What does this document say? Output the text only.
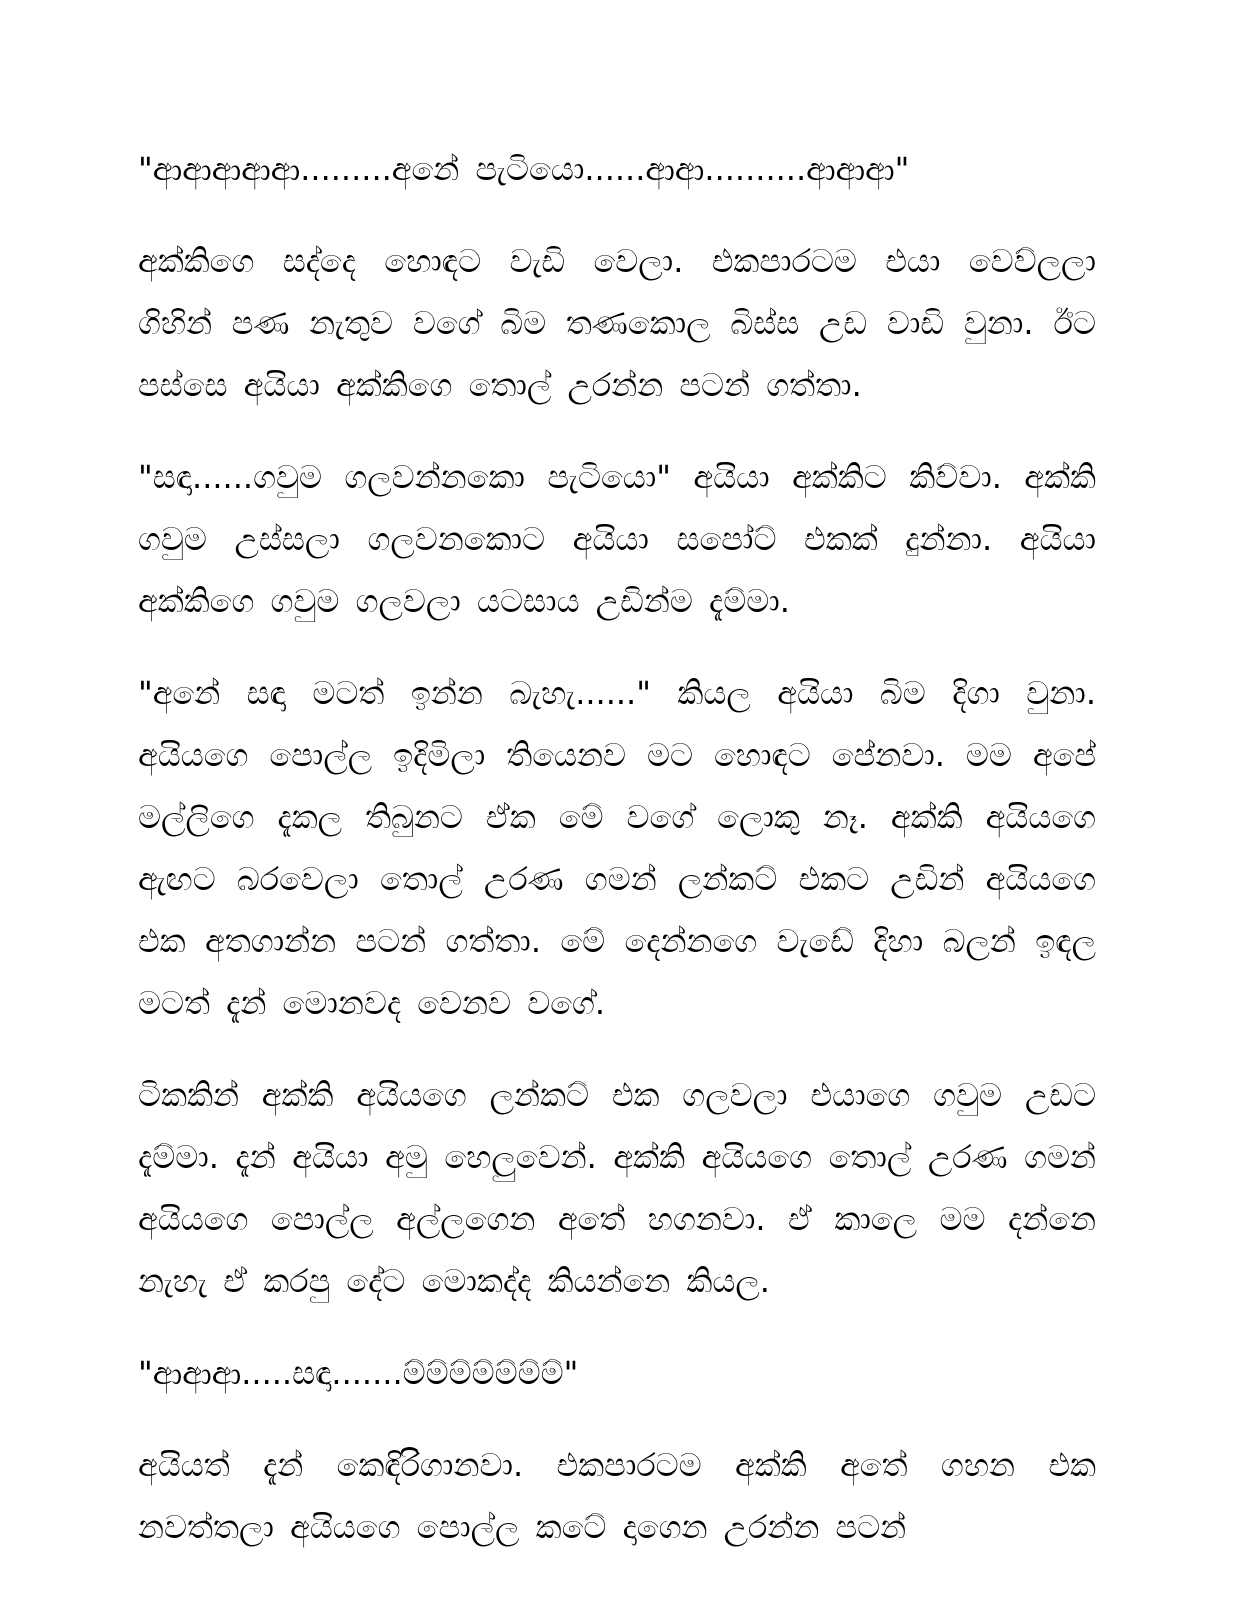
"ආආආආආ.........අනේ පැටියො......ආආ..........ආආආ"

අක්කිගෙ සද්දෙ හොඳට වැඩි වෙලා. එකපාරටම එයා වෙව්ලලා ගිහින් පණ නැතුව වගේ බිම තණකොල බිස්ස උඩ වාඩි වුනා. ඊට පස්සෙ අයියා අක්කිගෙ තොල් උරන්න පටන් ගත්තා.

"සඳා......ගවුම ගලවන්නකො පැටියො" අයියා අක්කිට කිව්වා. අක්කි ගවුම උස්සලා ගලවනකොට අයියා සපෝට් එකක් දුන්නා. අයියා අක්කිගෙ ගවුම ගලවලා යටසාය උඩින්ම දැම්මා.

"අනේ සඳා මටත් ඉන්න බැහැ......" කියල අයියා බිම දිගා වුනා. අයියගෙ පොල්ල ඉදිමිලා තියෙනව මට හොඳට පේනවා. මම අපේ මල්ලිගෙ දැකල තිබුනට ඒක මේ වගේ ලොකු නෑ. අක්කි අයියගෙ ඇඟට බරවෙලා තොල් උරණ ගමන් ලන්කට් එකට උඩින් අයියගෙ එක අතගාන්න පටන් ගත්තා. මේ දෙන්නගෙ වැඩේ දිහා බලන් ඉඳල මටත් දැන් මොනවද වෙනව වගේ.

ටිකකින් අක්කි අයියගෙ ලන්කට් එක ගලවලා එයාගෙ ගවුම උඩට දැම්මා. දැන් අයියා අමු හෙලුවෙන්. අක්කි අයියගෙ තොල් උරණ ගමන් අයියගෙ පොල්ල අල්ලගෙන අතේ හගනවා. ඒ කාලෙ මම දන්නෙ නැහැ ඒ කරපු දේට මොකද්ද කියන්නෙ කියල.

"ආආආ.....සඳා.......ම්ම්ම්ම්ම්ම්ම්"

අයියත් දැන් කෙඳිරිගානවා. එකපාරටම අක්කි අතේ ගහන එක නවත්තලා අයියගෙ පොල්ල කටේ දාගෙන උරන්න පටන්
